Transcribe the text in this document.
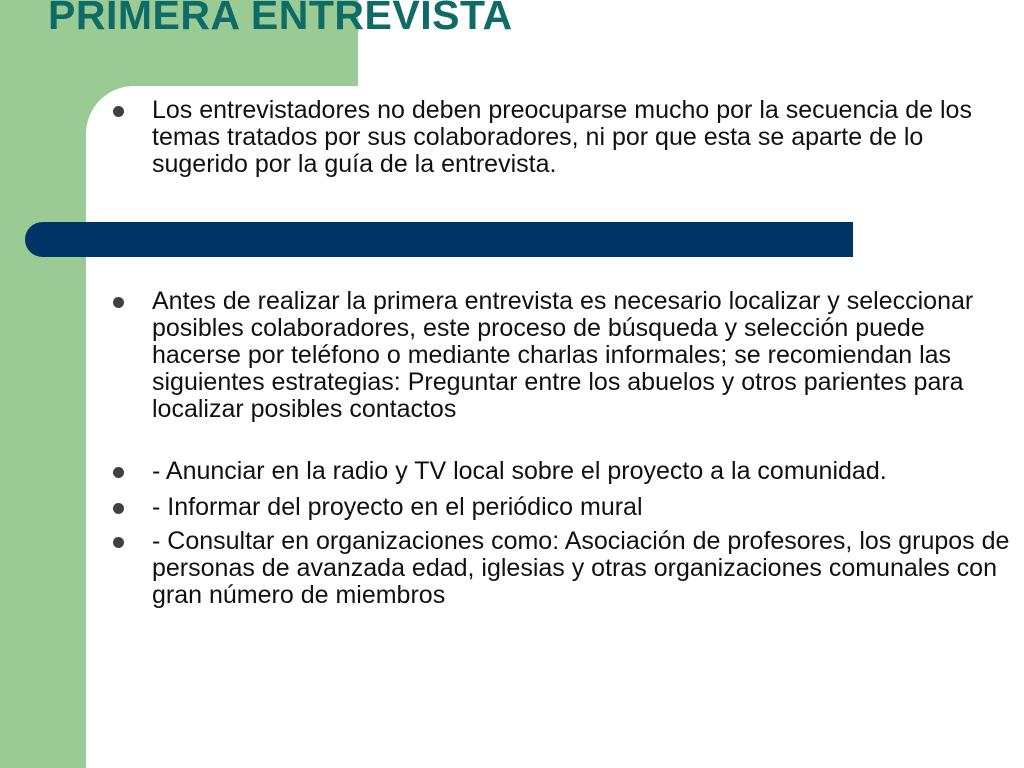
PRIMERA ENTREVISTA
Los entrevistadores no deben preocuparse mucho por la secuencia de los temas tratados por sus colaboradores, ni por que esta se aparte de lo sugerido por la guía de la entrevista.
Antes de realizar la primera entrevista es necesario localizar y seleccionar posibles colaboradores, este proceso de búsqueda y selección puede hacerse por teléfono o mediante charlas informales; se recomiendan las siguientes estrategias: Preguntar entre los abuelos y otros parientes para localizar posibles contactos
- Anunciar en la radio y TV local sobre el proyecto a la comunidad.
- Informar del proyecto en el periódico mural
- Consultar en organizaciones como: Asociación de profesores, los grupos de personas de avanzada edad, iglesias y otras organizaciones comunales con gran número de miembros
